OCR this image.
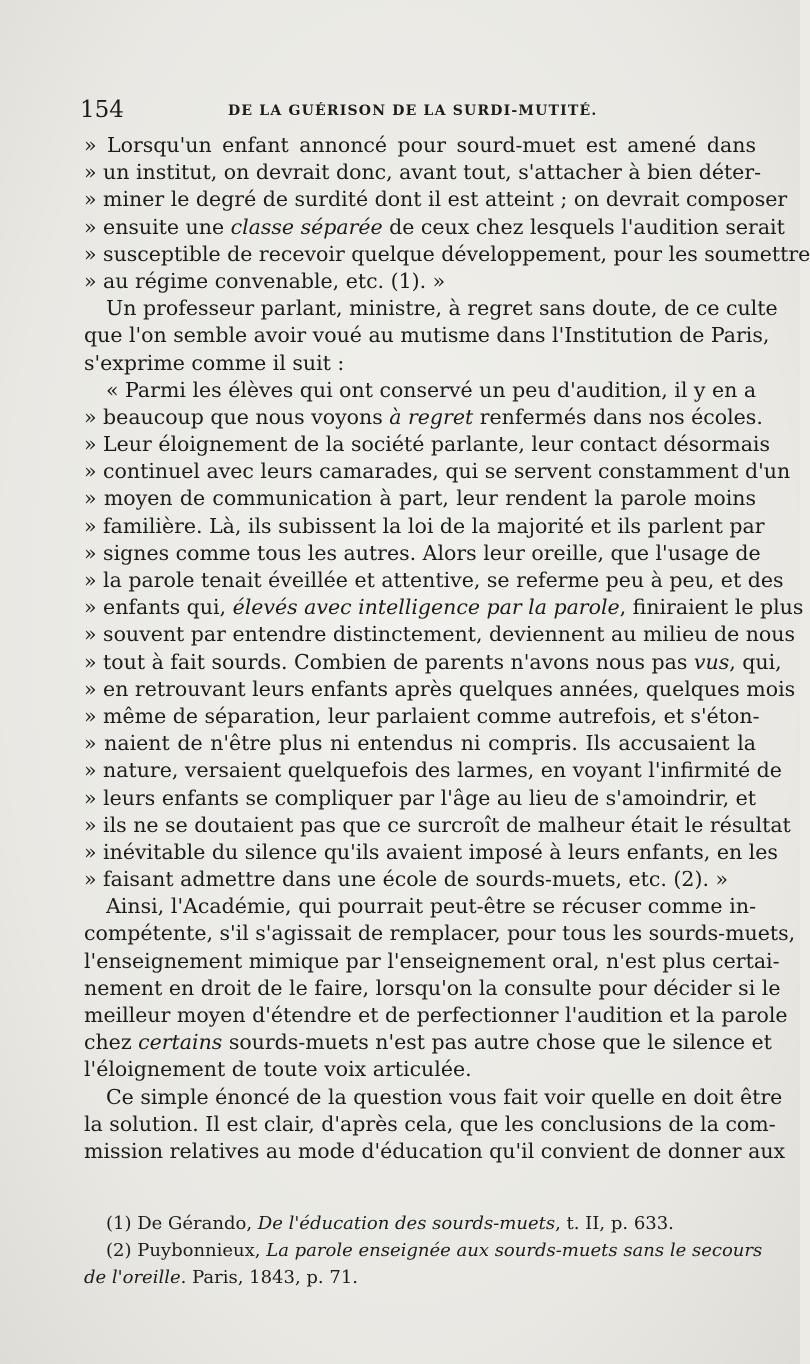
154	DE LA GUÉRISON DE LA SURDI-MUTITÉ.
» Lorsqu'un enfant annoncé pour sourd-muet est amené dans
» un institut, on devrait donc, avant tout, s'attacher à bien déter-
» miner le degré de surdité dont il est atteint ; on devrait composer
» ensuite une classe séparée de ceux chez lesquels l'audition serait
» susceptible de recevoir quelque développement, pour les soumettre
» au régime convenable, etc. (1). »
Un professeur parlant, ministre, à regret sans doute, de ce culte
que l'on semble avoir voué au mutisme dans l'Institution de Paris,
s'exprime comme il suit :
« Parmi les élèves qui ont conservé un peu d'audition, il y en a
» beaucoup que nous voyons à regret renfermés dans nos écoles.
» Leur éloignement de la société parlante, leur contact désormais
» continuel avec leurs camarades, qui se servent constamment d'un
» moyen de communication à part, leur rendent la parole moins
» familière. Là, ils subissent la loi de la majorité et ils parlent par
» signes comme tous les autres. Alors leur oreille, que l'usage de
» la parole tenait éveillée et attentive, se referme peu à peu, et des
» enfants qui, élevés avec intelligence par la parole, finiraient le plus
» souvent par entendre distinctement, deviennent au milieu de nous
» tout à fait sourds. Combien de parents n'avons nous pas vus, qui,
» en retrouvant leurs enfants après quelques années, quelques mois
» même de séparation, leur parlaient comme autrefois, et s'éton-
» naient de n'être plus ni entendus ni compris. Ils accusaient la
» nature, versaient quelquefois des larmes, en voyant l'infirmité de
» leurs enfants se compliquer par l'âge au lieu de s'amoindrir, et
» ils ne se doutaient pas que ce surcroît de malheur était le résultat
» inévitable du silence qu'ils avaient imposé à leurs enfants, en les
» faisant admettre dans une école de sourds-muets, etc. (2). »
Ainsi, l'Académie, qui pourrait peut-être se récuser comme in-
compétente, s'il s'agissait de remplacer, pour tous les sourds-muets,
l'enseignement mimique par l'enseignement oral, n'est plus certai-
nement en droit de le faire, lorsqu'on la consulte pour décider si le
meilleur moyen d'étendre et de perfectionner l'audition et la parole
chez certains sourds-muets n'est pas autre chose que le silence et
l'éloignement de toute voix articulée.
Ce simple énoncé de la question vous fait voir quelle en doit être
la solution. Il est clair, d'après cela, que les conclusions de la com-
mission relatives au mode d'éducation qu'il convient de donner aux
(1) De Gérando, De l'éducation des sourds-muets, t. II, p. 633.
(2) Puybonnieux, La parole enseignée aux sourds-muets sans le secours
de l'oreille. Paris, 1843, p. 71.
